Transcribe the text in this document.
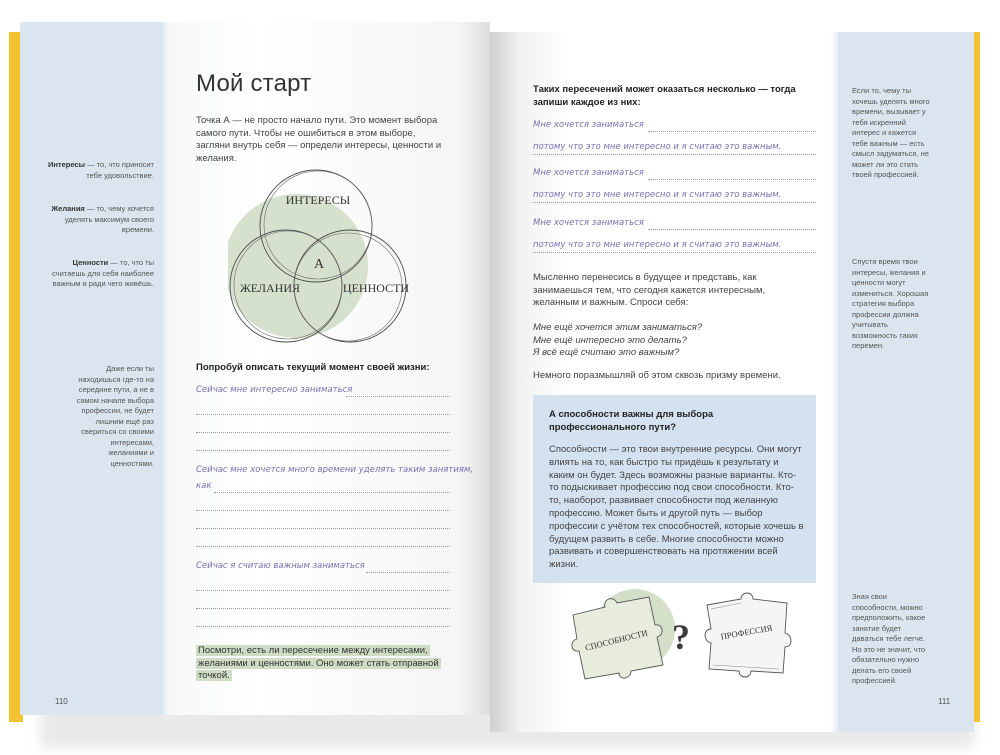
Интересы — то, что приносит тебе удовольствие.
Желания — то, чему хочется уделять максимум своего времени.
Ценности — то, что ты считаешь для себя наиболее важным и ради чего живёшь.
Даже если ты находишься где-то на середине пути, а не в самом начале выбора профессии, не будет лишним ещё раз свериться со своими интересами, желаниями и ценностями.
Мой старт
Точка А — не просто начало пути. Это момент выбора самого пути. Чтобы не ошибиться в этом выборе, загляни внутрь себя — определи интересы, ценности и желания.
ИНТЕРЕСЫ
ЖЕЛАНИЯ	ЦЕННОСТИ
А
Попробуй описать текущий момент своей жизни:
Сейчас мне интересно заниматься
Сейчас мне хочется много времени уделять таким занятиям,
как
Сейчас я считаю важным заниматься
Посмотри, есть ли пересечение между интересами, желаниями и ценностями. Оно может стать отправной точкой.
110
Таких пересечений может оказаться несколько — тогда запиши каждое из них:
Мне хочется заниматься
потому что это мне интересно и я считаю это важным.
Мне хочется заниматься
потому что это мне интересно и я считаю это важным.
Мне хочется заниматься
потому что это мне интересно и я считаю это важным.
Мысленно перенесись в будущее и представь, как занимаешься тем, что сегодня кажется интересным, желанным и важным. Спроси себя:
Мне ещё хочется этим заниматься?
Мне ещё интересно это делать?
Я всё ещё считаю это важным?
Немного поразмышляй об этом сквозь призму времени.
А способности важны для выбора профессионального пути?
Способности — это твои внутренние ресурсы. Они могут влиять на то, как быстро ты придёшь к результату и каким он будет. Здесь возможны разные варианты. Кто-то подыскивает профессию под свои способности. Кто-то, наоборот, развивает способности под желанную профессию. Может быть и другой путь — выбор профессии с учётом тех способностей, которые хочешь в будущем развить в себе. Многие способности можно развивать и совершенствовать на протяжении всей жизни.
СПОСОБНОСТИ ?	ПРОФЕССИЯ
Если то, чему ты хочешь уделять много времени, вызывает у тебя искренний интерес и кажется тебе важным — есть смысл задуматься, не может ли это стать твоей профессией.
Спустя время твои интересы, желания и ценности могут измениться. Хорошая стратегия выбора профессии должна учитывать возможность таких перемен.
Зная свои способности, можно предположить, какое занятие будет даваться тебе легче. Но это не значит, что обязательно нужно делать его своей профессией.
111
